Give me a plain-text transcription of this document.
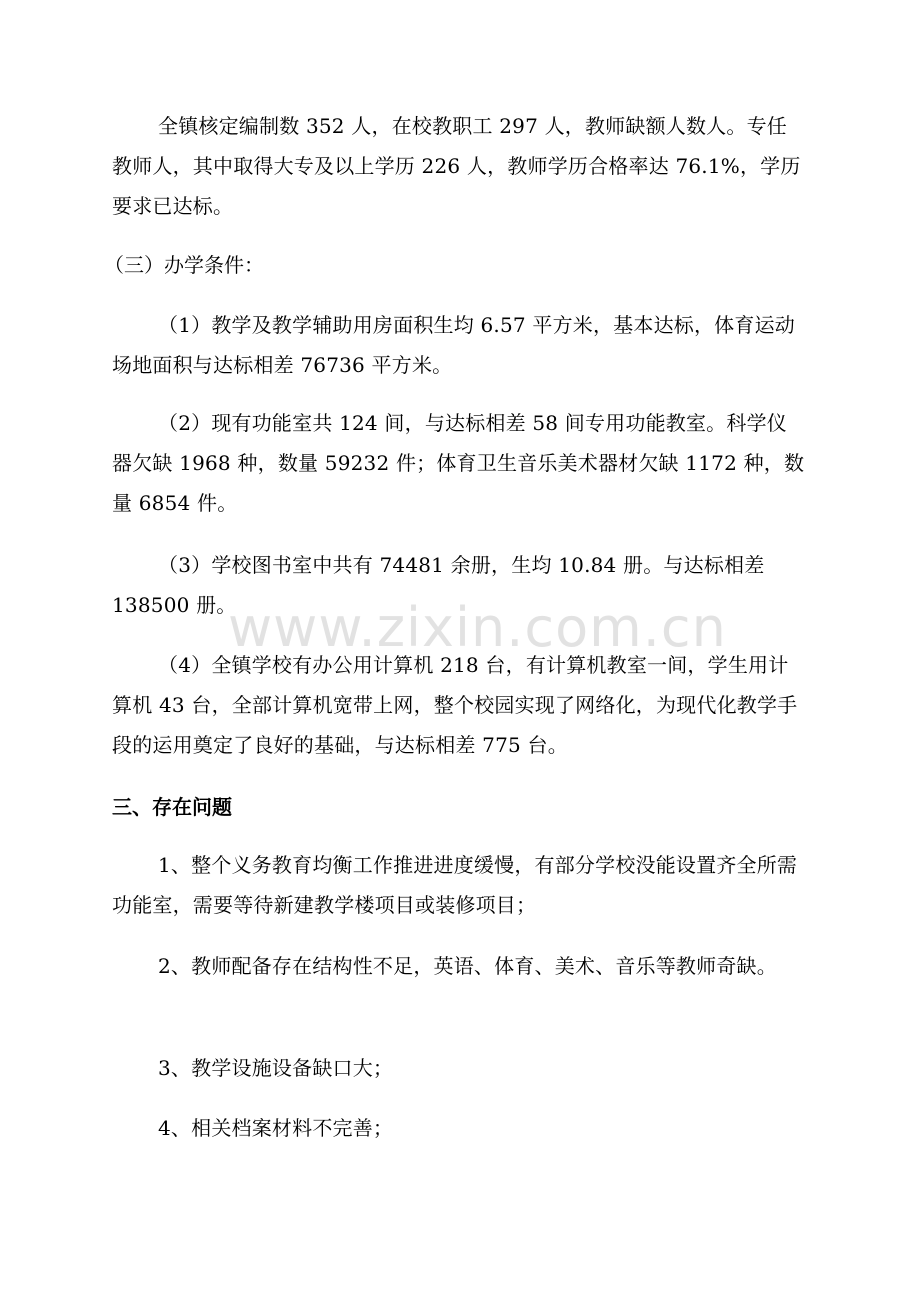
全镇核定编制数 352 人，在校教职工 297 人，教师缺额人数人。专任教师人，其中取得大专及以上学历 226 人，教师学历合格率达 76.1%，学历要求已达标。

（三）办学条件：

（1）教学及教学辅助用房面积生均 6.57 平方米，基本达标，体育运动场地面积与达标相差 76736 平方米。

（2）现有功能室共 124 间，与达标相差 58 间专用功能教室。科学仪器欠缺 1968 种，数量 59232 件；体育卫生音乐美术器材欠缺 1172 种，数量 6854 件。

（3）学校图书室中共有 74481 余册，生均 10.84 册。与达标相差138500 册。

www.zixin.com.cn

（4）全镇学校有办公用计算机 218 台，有计算机教室一间，学生用计算机 43 台，全部计算机宽带上网，整个校园实现了网络化，为现代化教学手段的运用奠定了良好的基础，与达标相差 775 台。

三、存在问题

1、整个义务教育均衡工作推进进度缓慢，有部分学校没能设置齐全所需功能室，需要等待新建教学楼项目或装修项目；

2、教师配备存在结构性不足，英语、体育、美术、音乐等教师奇缺。

3、教学设施设备缺口大；

4、相关档案材料不完善；
